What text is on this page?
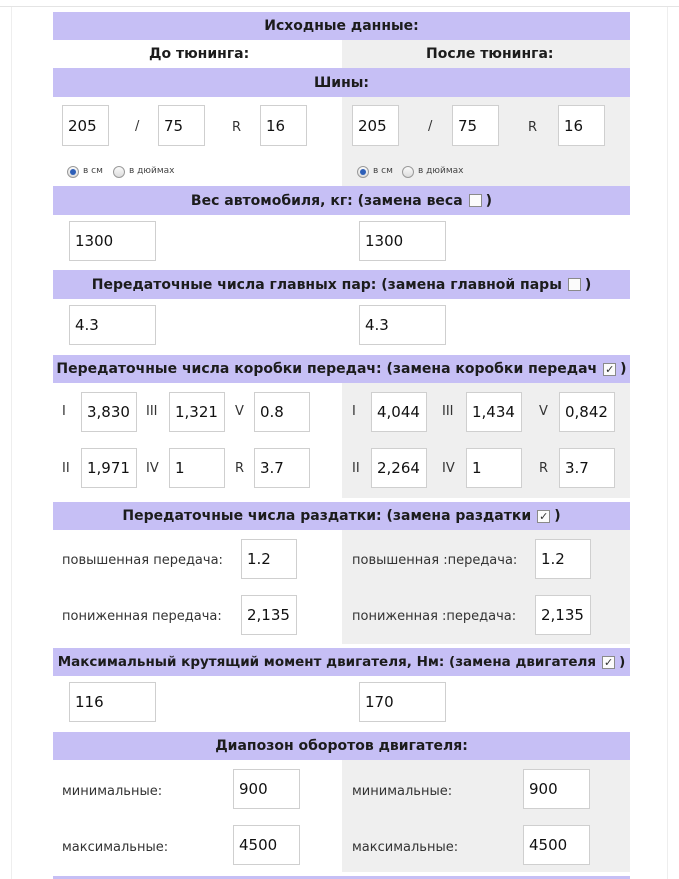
Исходные данные:
До тюнинга:	После тюнинга:
Шины:
205	/	75	R	16
в см	в дюймах
205	/	75	R	16
в см	в дюймах
Вес автомобиля, кг: (замена веса )
1300	1300
Передаточные числа главных пар: (замена главной пары )
4.3	4.3
Передаточные числа коробки передач: (замена коробки передач ✓ )
I	3,830	III	1,321	V	0.8
II	1,971	IV	1	R	3.7
I	4,044	III	1,434	V	0,842
II	2,264	IV	1	R	3.7
Передаточные числа раздатки: (замена раздатки ✓ )
повышенная передача:	1.2
пониженная передача:	2,135
повышенная :передача:	1.2
пониженная :передача:	2,135
Максимальный крутящий момент двигателя, Нм: (замена двигателя ✓ )
116	170
Диапозон оборотов двигателя:
минимальные:	900
максимальные:	4500
минимальные:	900
максимальные:	4500
